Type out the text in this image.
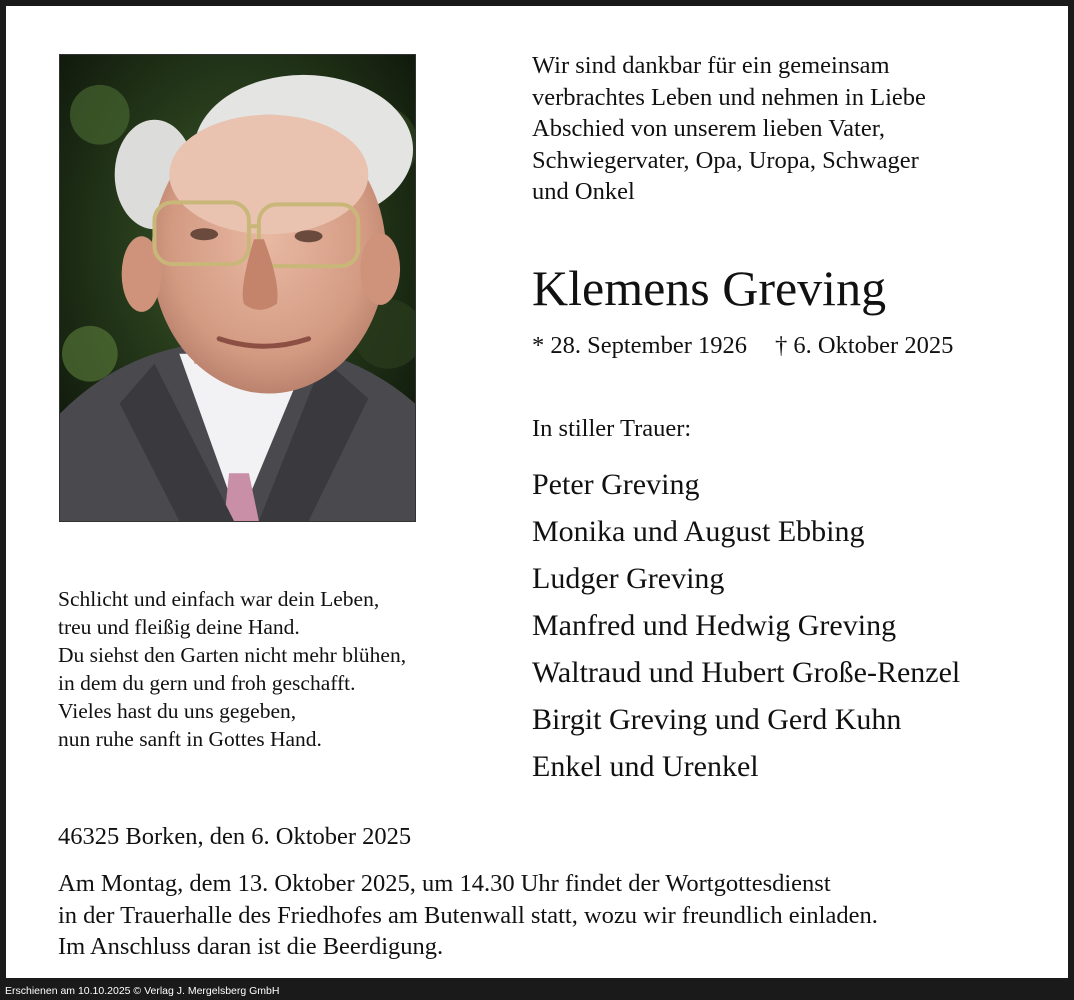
Wir sind dankbar für ein gemeinsam
verbrachtes Leben und nehmen in Liebe
Abschied von unserem lieben Vater,
Schwiegervater, Opa, Uropa, Schwager
und Onkel
Klemens Greving
* 28. September 1926 † 6. Oktober 2025
In stiller Trauer:
Peter Greving
Monika und August Ebbing
Ludger Greving
Manfred und Hedwig Greving
Waltraud und Hubert Große-Renzel
Birgit Greving und Gerd Kuhn
Enkel und Urenkel
Schlicht und einfach war dein Leben,
treu und fleißig deine Hand.
Du siehst den Garten nicht mehr blühen,
in dem du gern und froh geschafft.
Vieles hast du uns gegeben,
nun ruhe sanft in Gottes Hand.
46325 Borken, den 6. Oktober 2025
Am Montag, dem 13. Oktober 2025, um 14.30 Uhr findet der Wortgottesdienst
in der Trauerhalle des Friedhofes am Butenwall statt, wozu wir freundlich einladen.
Im Anschluss daran ist die Beerdigung.
Erschienen am 10.10.2025 © Verlag J. Mergelsberg GmbH
